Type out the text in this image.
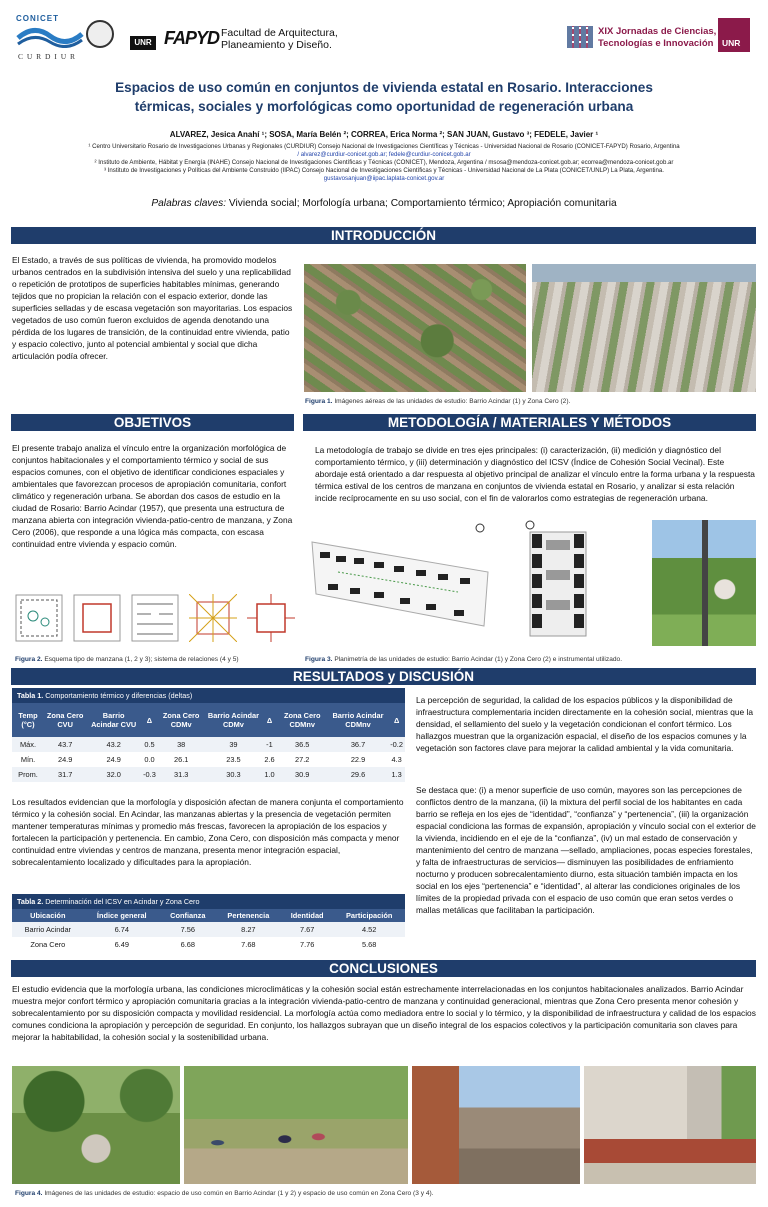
CONICET
C U R D I U R
UNR FAPYD Facultad de Arquitectura,
Planeamiento y Diseño.
XIX Jornadas de Ciencias,
Tecnologías e Innovación UNR
Espacios de uso común en conjuntos de vivienda estatal en Rosario. Interacciones
térmicas, sociales y morfológicas como oportunidad de regeneración urbana
ALVAREZ, Jesica Anahí ¹; SOSA, María Belén ²; CORREA, Erica Norma ²; SAN JUAN, Gustavo ³; FEDELE, Javier ¹
¹ Centro Universitario Rosario de Investigaciones Urbanas y Regionales (CURDIUR) Consejo Nacional de Investigaciones Científicas y Técnicas - Universidad Nacional de Rosario (CONICET-FAPYD) Rosario, Argentina
/ alvarez@curdiur-conicet.gob.ar; fedele@curdiur-conicet.gob.ar
² Instituto de Ambiente, Hábitat y Energía (INAHE) Consejo Nacional de Investigaciones Científicas y Técnicas (CONICET), Mendoza, Argentina / msosa@mendoza-conicet.gob.ar; ecorrea@mendoza-conicet.gob.ar
³ Instituto de Investigaciones y Políticas del Ambiente Construido (IIPAC) Consejo Nacional de Investigaciones Científicas y Técnicas - Universidad Nacional de La Plata (CONICET/UNLP) La Plata, Argentina.
gustavosanjuan@iipac.laplata-conicet.gov.ar
Palabras claves: Vivienda social; Morfología urbana; Comportamiento térmico; Apropiación comunitaria
INTRODUCCIÓN
El Estado, a través de sus políticas de vivienda, ha promovido modelos urbanos centrados en la subdivisión intensiva del suelo y una replicabilidad o repetición de prototipos de superficies habitables mínimas, generando tejidos que no propician la relación con el espacio exterior, donde las superficies selladas y de escasa vegetación son mayoritarias. Los espacios vegetados de uso común fueron excluidos de agenda denotando una pérdida de los lugares de transición, de la continuidad entre vivienda, patio y espacio colectivo, junto al potencial ambiental y social que dicha articulación podía ofrecer.
Figura 1. Imágenes aéreas de las unidades de estudio: Barrio Acindar (1) y Zona Cero (2).
OBJETIVOS
El presente trabajo analiza el vínculo entre la organización morfológica de conjuntos habitacionales y el comportamiento térmico y social de sus espacios comunes, con el objetivo de identificar condiciones espaciales y ambientales que favorezcan procesos de apropiación comunitaria, confort climático y regeneración urbana. Se abordan dos casos de estudio en la ciudad de Rosario: Barrio Acindar (1957), que presenta una estructura de manzana abierta con integración vivienda-patio-centro de manzana, y Zona Cero (2006), que responde a una lógica más compacta, con escasa continuidad entre vivienda y espacio común.
Figura 2. Esquema tipo de manzana (1, 2 y 3); sistema de relaciones (4 y 5)
METODOLOGÍA / MATERIALES Y MÉTODOS
La metodología de trabajo se divide en tres ejes principales: (i) caracterización, (ii) medición y diagnóstico del comportamiento térmico, y (iii) determinación y diagnóstico del ICSV (Índice de Cohesión Social Vecinal). Este abordaje está orientado a dar respuesta al objetivo principal de analizar el vínculo entre la forma urbana y la respuesta térmica estival de los centros de manzana en conjuntos de vivienda estatal en Rosario, y analizar si esta relación incide recíprocamente en su uso social, con el fin de valorarlos como estrategias de regeneración urbana.
Figura 3. Planimetría de las unidades de estudio: Barrio Acindar (1) y Zona Cero (2) e instrumental utilizado.
RESULTADOS y DISCUSIÓN
Tabla 1. Comportamiento térmico y diferencias (deltas)
Temp (°C)	Zona Cero CVU	Barrio Acindar CVU	Δ	Zona Cero CDMv	Barrio Acindar CDMv	Δ	Zona Cero CDMnv	Barrio Acindar CDMnv	Δ
Máx.	43.7	43.2	0.5	38	39	-1	36.5	36.7	-0.2
Mín.	24.9	24.9	0.0	26.1	23.5	2.6	27.2	22.9	4.3
Prom.	31.7	32.0	-0.3	31.3	30.3	1.0	30.9	29.6	1.3
Los resultados evidencian que la morfología y disposición afectan de manera conjunta el comportamiento térmico y la cohesión social. En Acindar, las manzanas abiertas y la presencia de vegetación permiten mantener temperaturas mínimas y promedio más frescas, favorecen la apropiación de los espacios y fortalecen la participación y pertenencia. En cambio, Zona Cero, con disposición más compacta y menor continuidad entre viviendas y centros de manzana, presenta menor integración espacial, sobrecalentamiento localizado y dificultades para la apropiación.
Tabla 2. Determinación del ICSV en Acindar y Zona Cero
Ubicación	Índice general	Confianza	Pertenencia	Identidad	Participación
Barrio Acindar	6.74	7.56	8.27	7.67	4.52
Zona Cero	6.49	6.68	7.68	7.76	5.68
La percepción de seguridad, la calidad de los espacios públicos y la disponibilidad de infraestructura complementaria inciden directamente en la cohesión social, mientras que la densidad, el sellamiento del suelo y la vegetación condicionan el confort térmico. Los hallazgos muestran que la organización espacial, el diseño de los espacios comunes y la vegetación son factores clave para mejorar la calidad ambiental y la vida comunitaria.
Se destaca que: (i) a menor superficie de uso común, mayores son las percepciones de conflictos dentro de la manzana, (ii) la mixtura del perfil social de los habitantes en cada barrio se refleja en los ejes de “identidad”, “confianza” y “pertenencia”, (iii) la organización espacial condiciona las formas de expansión, apropiación y vínculo social con el exterior de la vivienda, incidiendo en el eje de la “confianza”, (iv) un mal estado de conservación y mantenimiento del centro de manzana —sellado, ampliaciones, pocas especies forestales, y falta de infraestructuras de servicios— disminuyen las posibilidades de enfriamiento nocturno y producen sobrecalentamiento diurno, esta situación también impacta en los social en los ejes “pertenencia” e “identidad”, al alterar las condiciones originales de los límites de la propiedad privada con el espacio de uso común que eran setos verdes o mallas metálicas que facilitaban la participación.
CONCLUSIONES
El estudio evidencia que la morfología urbana, las condiciones microclimáticas y la cohesión social están estrechamente interrelacionadas en los conjuntos habitacionales analizados. Barrio Acindar muestra mejor confort térmico y apropiación comunitaria gracias a la integración vivienda-patio-centro de manzana y continuidad generacional, mientras que Zona Cero presenta menor cohesión y sobrecalentamiento por su disposición compacta y movilidad residencial. La morfología actúa como mediadora entre lo social y lo térmico, y la disponibilidad de infraestructura y calidad de los espacios comunes condiciona la apropiación y percepción de seguridad. En conjunto, los hallazgos subrayan que un diseño integral de los espacios colectivos y la participación comunitaria son claves para mejorar la habitabilidad, la cohesión social y la sostenibilidad urbana.
Figura 4. Imágenes de las unidades de estudio: espacio de uso común en Barrio Acindar (1 y 2) y espacio de uso común en Zona Cero (3 y 4).
